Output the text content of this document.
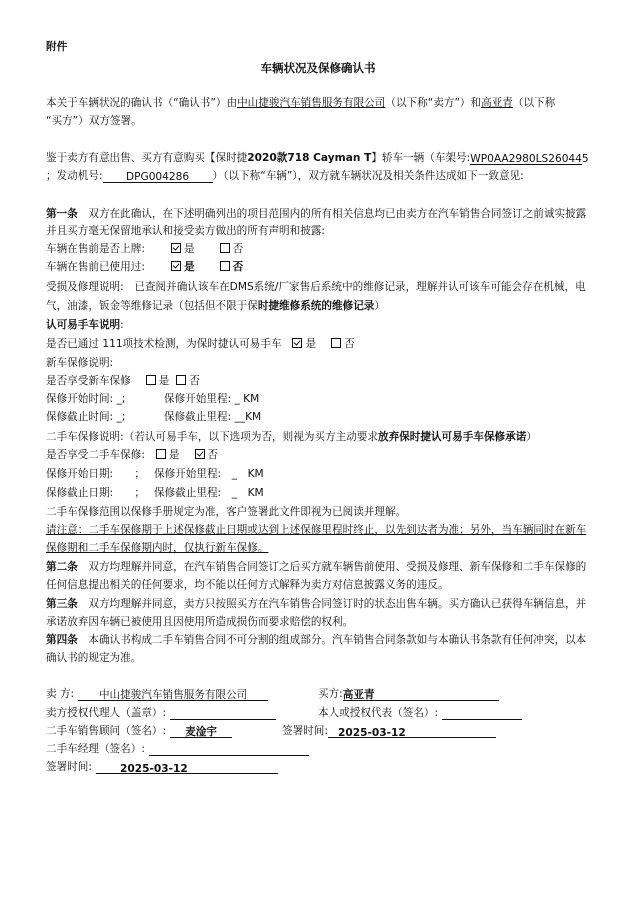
附件
车辆状况及保修确认书
本关于车辆状况的确认书（“确认书”）由中山捷骏汽车销售服务有限公司（以下称“卖方”）和高亚青（以下称
“买方”）双方签署。
鉴于卖方有意出售、买方有意购买【保时捷2020款718 Cayman T】轿车一辆（车架号:WP0AA2980LS260445
；发动机号: DPG004286 ）（以下称“车辆”），双方就车辆状况及相关条件达成如下一致意见:
第一条　 双方在此确认，在下述明确列出的项目范围内的所有相关信息均已由卖方在汽车销售合同签订之前诚实披露
并且买方毫无保留地承认和接受卖方做出的所有声明和披露:
车辆在售前是否上牌:	是	否
车辆在售前已使用过:	是	否
受损及修理说明:　已查阅并确认该车在DMS系统/厂家售后系统中的维修记录，理解并认可该车可能会存在机械，电
气，油漆，钣金等维修记录（包括但不限于保时捷维修系统的维修记录）
认可易手车说明:
是否已通过 111项技术检测，为保时捷认可易手车 是	否
新车保修说明:
是否享受新车保修	是 否
保修开始时间: _;	保修开始里程: _ KM
保修截止时间: _;	保修截止里程: __KM
二手车保修说明:（若认可易手车，以下选项为否，则视为买方主动要求放弃保时捷认可易手车保修承诺）
是否享受二手车保修: 是	否
保修开始日期:　　； 保修开始里程:　_　KM
保修截止日期:　　； 保修截止里程:　_　KM
二手车保修范围以保修手册规定为准，客户签署此文件即视为已阅读并理解。
请注意：二手车保修期于上述保修截止日期或达到上述保修里程时终止，以先到达者为准；另外，当车辆同时在新车
保修期和二手车保修期内时，仅执行新车保修。
第二条　 双方均理解并同意，在汽车销售合同签订之后买方就车辆售前使用、受损及修理、新车保修和二手车保修的
任何信息提出相关的任何要求，均不能以任何方式解释为卖方对信息披露义务的违反。
第三条　 双方均理解并同意，卖方只按照买方在汽车销售合同签订时的状态出售车辆。买方确认已获得车辆信息，并
承诺放弃因车辆已被使用且因使用所造成损伤而要求赔偿的权利。
第四条　 本确认书构成二手车销售合同不可分割的组成部分。汽车销售合同条款如与本确认书条款有任何冲突，以本
确认书的规定为准。
卖 方: 中山捷骏汽车销售服务有限公司	买方:高亚青
卖方授权代理人（盖章）:	本人或授权代表（签名）:
二手车销售顾问（签名）: 麦淦宇	签署时间: 2025-03-12
二手车经理（签名）:
签署时间:	2025-03-12
